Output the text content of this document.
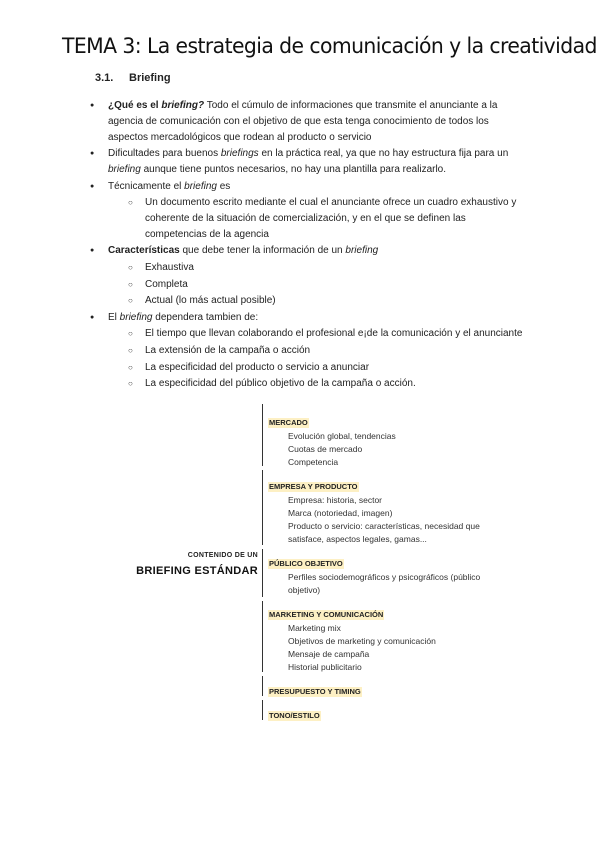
TEMA 3: La estrategia de comunicación y la creatividad
3.1. Briefing

● ¿Qué es el briefing? Todo el cúmulo de informaciones que transmite el anunciante a la agencia de comunicación con el objetivo de que esta tenga conocimiento de todos los aspectos mercadológicos que rodean al producto o servicio

● Dificultades para buenos briefings en la práctica real, ya que no hay estructura fija para un briefing aunque tiene puntos necesarios, no hay una plantilla para realizarlo.

● Técnicamente el briefing es

○ Un documento escrito mediante el cual el anunciante ofrece un cuadro exhaustivo y coherente de la situación de comercialización, y en el que se definen las competencias de la agencia

● Características que debe tener la información de un briefing

○ Exhaustiva

○ Completa

○ Actual (lo más actual posible)

● El briefing dependera tambien de:

○ El tiempo que llevan colaborando el profesional e¡de la comunicación y el anunciante

○ La extensión de la campaña o acción

○ La especificidad del producto o servicio a anunciar

○ La especificidad del público objetivo de la campaña o acción.

CONTENIDO DE UN
BRIEFING ESTÁNDAR
MERCADO
Evolución global, tendencias
Cuotas de mercado
Competencia
EMPRESA Y PRODUCTO
Empresa: historia, sector
Marca (notoriedad, imagen)
Producto o servicio: características, necesidad que
satisface, aspectos legales, gamas...
PÚBLICO OBJETIVO
Perfiles sociodemográficos y psicográficos (público
objetivo)
MARKETING Y COMUNICACIÓN
Marketing mix
Objetivos de marketing y comunicación
Mensaje de campaña
Historial publicitario
PRESUPUESTO Y TIMING
TONO/ESTILO
